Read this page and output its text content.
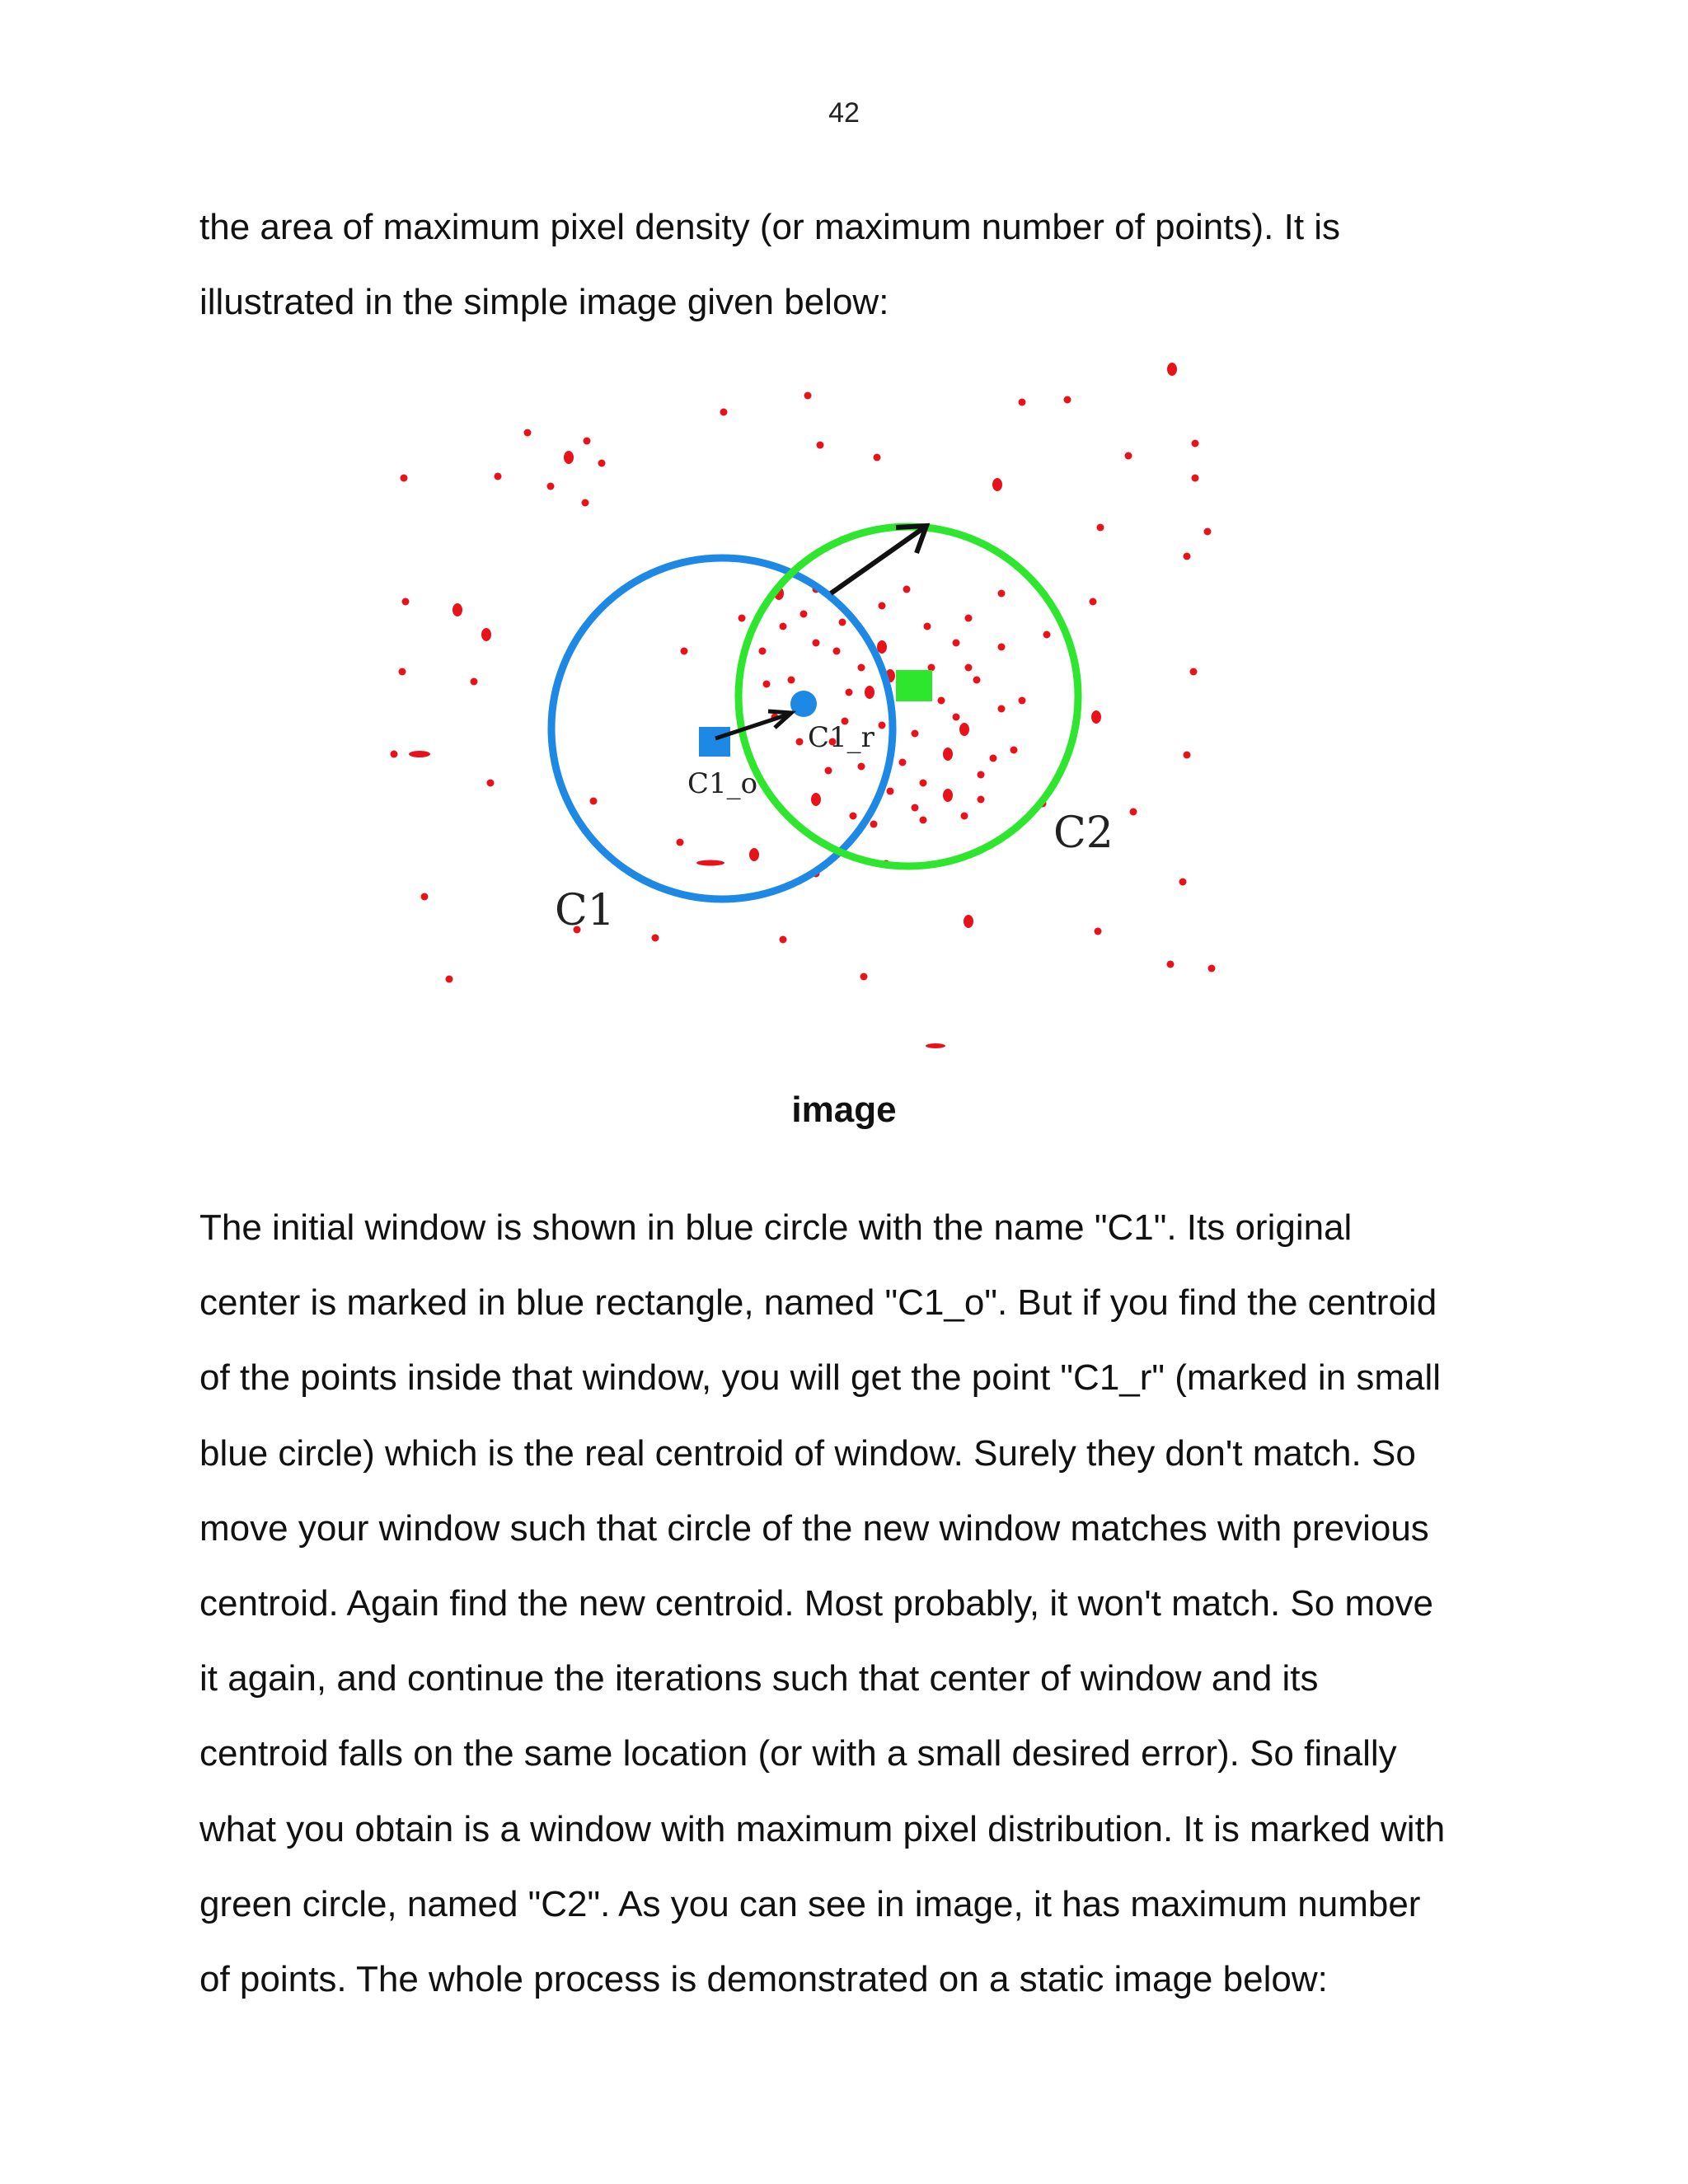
42
the area of maximum pixel density (or maximum number of points). It is
illustrated in the simple image given below:
C1_r
C1_o
C2
C1
image
The initial window is shown in blue circle with the name "C1". Its original
center is marked in blue rectangle, named "C1_o". But if you find the centroid
of the points inside that window, you will get the point "C1_r" (marked in small
blue circle) which is the real centroid of window. Surely they don't match. So
move your window such that circle of the new window matches with previous
centroid. Again find the new centroid. Most probably, it won't match. So move
it again, and continue the iterations such that center of window and its
centroid falls on the same location (or with a small desired error). So finally
what you obtain is a window with maximum pixel distribution. It is marked with
green circle, named "C2". As you can see in image, it has maximum number
of points. The whole process is demonstrated on a static image below:
